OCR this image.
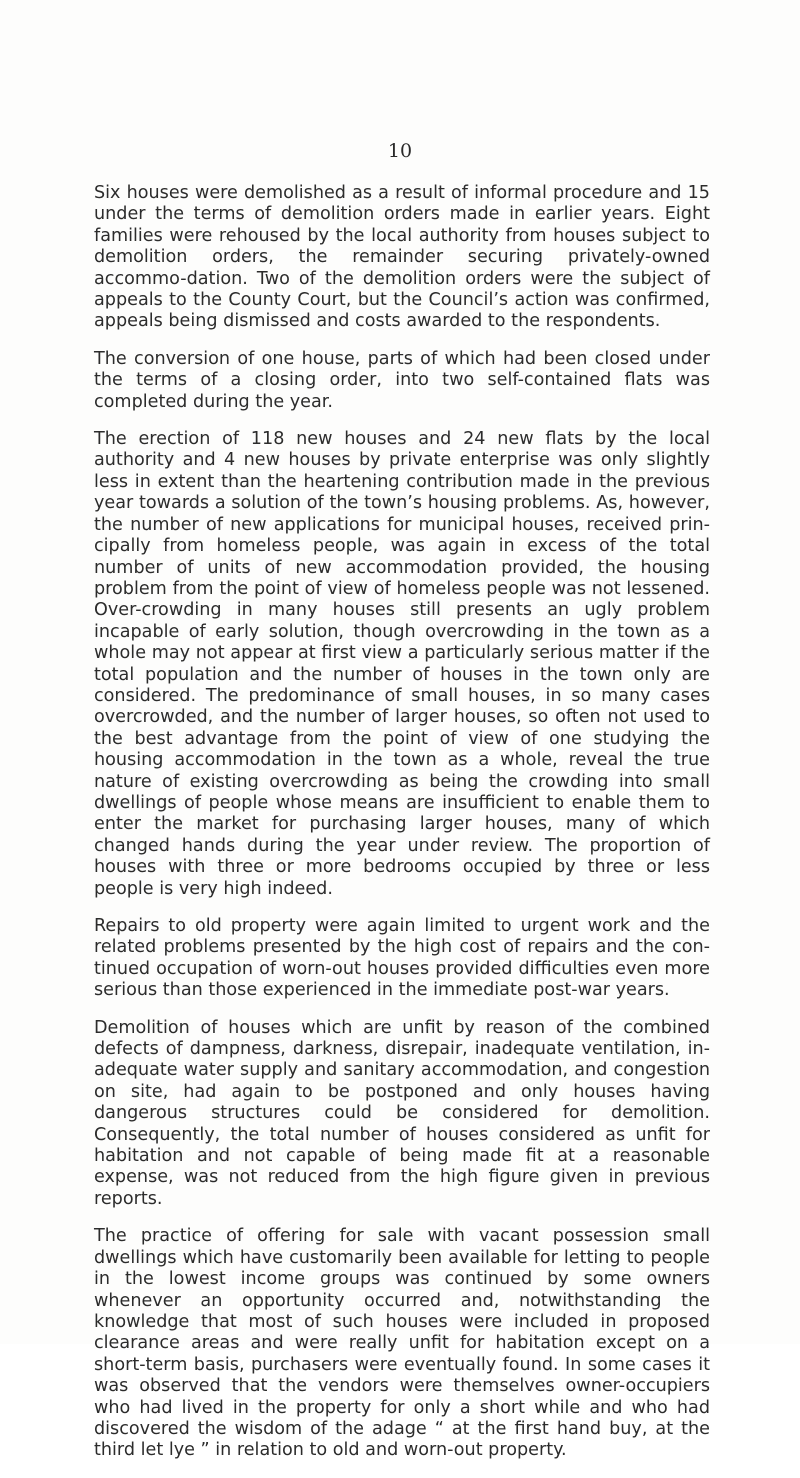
10

Six houses were demolished as a result of informal procedure and 15 under the terms of demolition orders made in earlier years. Eight families were rehoused by the local authority from houses subject to demolition orders, the remainder securing privately-owned accommo-dation. Two of the demolition orders were the subject of appeals to the County Court, but the Council’s action was confirmed, appeals being dismissed and costs awarded to the respondents.

The conversion of one house, parts of which had been closed under the terms of a closing order, into two self-contained flats was completed during the year.

The erection of 118 new houses and 24 new flats by the local authority and 4 new houses by private enterprise was only slightly less in extent than the heartening contribution made in the previous year towards a solution of the town’s housing problems. As, however, the number of new applications for municipal houses, received prin-cipally from homeless people, was again in excess of the total number of units of new accommodation provided, the housing problem from the point of view of homeless people was not lessened. Over-crowding in many houses still presents an ugly problem incapable of early solution, though overcrowding in the town as a whole may not appear at first view a particularly serious matter if the total population and the number of houses in the town only are considered. The predominance of small houses, in so many cases overcrowded, and the number of larger houses, so often not used to the best advantage from the point of view of one studying the housing accommodation in the town as a whole, reveal the true nature of existing overcrowding as being the crowding into small dwellings of people whose means are insufficient to enable them to enter the market for purchasing larger houses, many of which changed hands during the year under review. The proportion of houses with three or more bedrooms occupied by three or less people is very high indeed.

Repairs to old property were again limited to urgent work and the related problems presented by the high cost of repairs and the con-tinued occupation of worn-out houses provided difficulties even more serious than those experienced in the immediate post-war years.

Demolition of houses which are unfit by reason of the combined defects of dampness, darkness, disrepair, inadequate ventilation, in-adequate water supply and sanitary accommodation, and congestion on site, had again to be postponed and only houses having dangerous structures could be considered for demolition. Consequently, the total number of houses considered as unfit for habitation and not capable of being made fit at a reasonable expense, was not reduced from the high figure given in previous reports.

The practice of offering for sale with vacant possession small dwellings which have customarily been available for letting to people in the lowest income groups was continued by some owners whenever an opportunity occurred and, notwithstanding the knowledge that most of such houses were included in proposed clearance areas and were really unfit for habitation except on a short-term basis, purchasers were eventually found. In some cases it was observed that the vendors were themselves owner-occupiers who had lived in the property for only a short while and who had discovered the wisdom of the adage “ at the first hand buy, at the third let lye ” in relation to old and worn-out property.
